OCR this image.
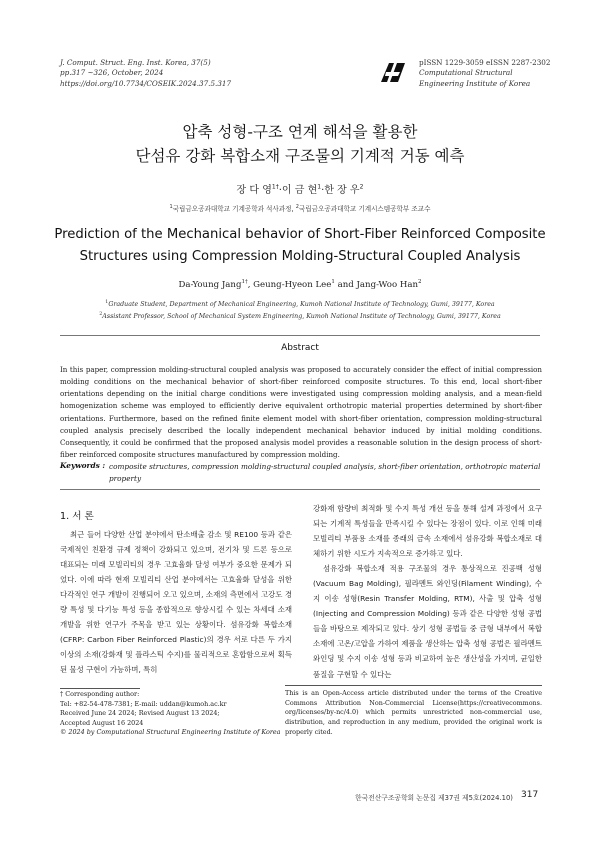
J. Comput. Struct. Eng. Inst. Korea, 37(5)
pp.317 ~326, October, 2024
https://doi.org/10.7734/COSEIK.2024.37.5.317
pISSN 1229-3059 eISSN 2287-2302
Computational Structural
Engineering Institute of Korea
압축 성형-구조 연계 해석을 활용한
단섬유 강화 복합소재 구조물의 기계적 거동 예측
장 다 영$^{1\dagger}$·이 금 현$^1$·한 장 우$^2$
$^1$국립금오공과대학교 기계공학과 석사과정, $^2$국립금오공과대학교 기계시스템공학부 조교수
Prediction of the Mechanical behavior of Short-Fiber Reinforced Composite
Structures using Compression Molding-Structural Coupled Analysis
Da-Young Jang$^{1\dagger}$, Geung-Hyeon Lee$^1$ and Jang-Woo Han$^2$
$^1$Graduate Student, Department of Mechanical Engineering, Kumoh National Institute of Technology, Gumi, 39177, Korea
$^2$Assistant Professor, School of Mechanical System Engineering, Kumoh National Institute of Technology, Gumi, 39177, Korea
Abstract
In this paper, compression molding-structural coupled analysis was proposed to accurately consider the effect of initial compression molding conditions on the mechanical behavior of short-fiber reinforced composite structures. To this end, local short-fiber orientations depending on the initial charge conditions were investigated using compression molding analysis, and a mean-field homogenization scheme was employed to efficiently derive equivalent orthotropic material properties determined by short-fiber orientations. Furthermore, based on the refined finite element model with short-fiber orientation, compression molding-structural coupled analysis precisely described the locally independent mechanical behavior induced by initial molding conditions. Consequently, it could be confirmed that the proposed analysis model provides a reasonable solution in the design process of short-fiber reinforced composite structures manufactured by compression molding.
Keywords : composite structures, compression molding-structural coupled analysis, short-fiber orientation, orthotropic material property
1. 서 론

최근 들어 다양한 산업 분야에서 탄소배출 감소 및 RE100 등과 같은 국제적인 친환경 규제 정책이 강화되고 있으며, 전기차 및 드론 등으로 대표되는 미래 모빌리티의 경우 고효율화 달성 여부가 중요한 문제가 되었다. 이에 따라 현재 모빌리티 산업 분야에서는 고효율화 달성을 위한 다각적인 연구 개발이 진행되어 오고 있으며, 소재의 측면에서 고강도 경량 특성 및 다기능 특성 등을 종합적으로 향상시킬 수 있는 차세대 소재 개발을 위한 연구가 주목을 받고 있는 상황이다. 섬유강화 복합소재(CFRP: Carbon Fiber Reinforced Plastic)의 경우 서로 다른 두 가지 이상의 소재(강화재 및 플라스틱 수지)를 물리적으로 혼합함으로써 획득된 물성 구현이 가능하며, 특히

강화재 함량비 최적화 및 수지 특성 개선 등을 통해 설계 과정에서 요구되는 기계적 특성들을 만족시킬 수 있다는 장점이 있다. 이로 인해 미래 모빌리티 부품용 소재를 종래의 금속 소재에서 섬유강화 복합소재로 대체하기 위한 시도가 지속적으로 증가하고 있다.

섬유강화 복합소재 적용 구조물의 경우 통상적으로 진공백 성형(Vacuum Bag Molding), 필라멘트 와인딩(Filament Winding), 수지 이송 성형(Resin Transfer Molding, RTM), 사출 및 압축 성형(Injecting and Compression Molding) 등과 같은 다양한 성형 공법들을 바탕으로 제작되고 있다. 상기 성형 공법들 중 금형 내부에서 복합소재에 고온/고압을 가하여 제품을 생산하는 압축 성형 공법은 필라멘트 와인딩 및 수지 이송 성형 등과 비교하여 높은 생산성을 가지며, 균일한 품질을 구현할 수 있다는

† Corresponding author:
Tel: +82-54-478-7381; E-mail: uddan@kumoh.ac.kr
Received June 24 2024; Revised August 13 2024;
Accepted August 16 2024
© 2024 by Computational Structural Engineering Institute of Korea
This is an Open-Access article distributed under the terms of the Creative Commons Attribution Non-Commercial License(https://creativecommons. org/licenses/by-nc/4.0) which permits unrestricted non-commercial use, distribution, and reproduction in any medium, provided the original work is properly cited.
한국전산구조공학회 논문집 제37권 제5호(2024.10) 317
